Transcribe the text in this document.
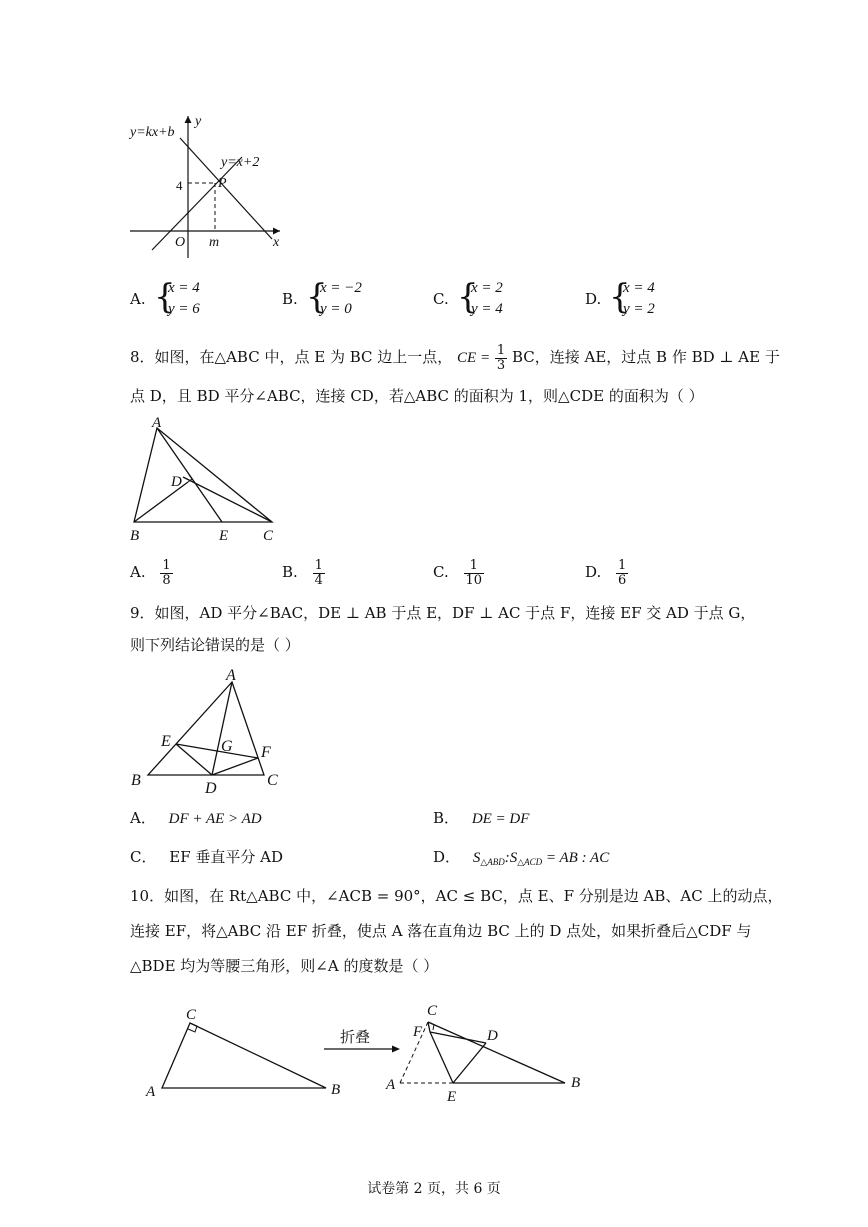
y=kx+b
y=x+2
y
x
O
P
4
m
A. {
x = 4
y = 6
B. {
x = −2
y = 0
C. {
x = 2
y = 4
D. {
x = 4
y = 2
8．如图，在△ABC 中，点 E 为 BC 边上一点， CE = $\frac{1}{3}$ BC，连接 AE，过点 B 作 BD ⊥ AE 于
点 D，且 BD 平分∠ABC，连接 CD，若△ABC 的面积为 1，则△CDE 的面积为（ ）
A
B	C
D
E
A. $\frac{1}{8}$	B. $\frac{1}{4}$	C. $\frac{1}{10}$	D. $\frac{1}{6}$
9．如图，AD 平分∠BAC，DE ⊥ AB 于点 E，DF ⊥ AC 于点 F，连接 EF 交 AD 于点 G，
则下列结论错误的是（ ）
A
B	C
D
E
F
G
A． DF + AE > AD	B． DE = DF
C． EF 垂直平分 AD	D． $S_{\triangle ABD}:S_{\triangle ACD}$ = AB : AC
10．如图，在 Rt△ABC 中，∠ACB = 90°，AC ≤ BC，点 E、F 分别是边 AB、AC 上的动点，
连接 EF，将△ABC 沿 EF 折叠，使点 A 落在直角边 BC 上的 D 点处，如果折叠后△CDF 与
△BDE 均为等腰三角形，则∠A 的度数是（ ）
A	B
C
折叠
A	B
C
D
E
F
试卷第 2 页，共 6 页
